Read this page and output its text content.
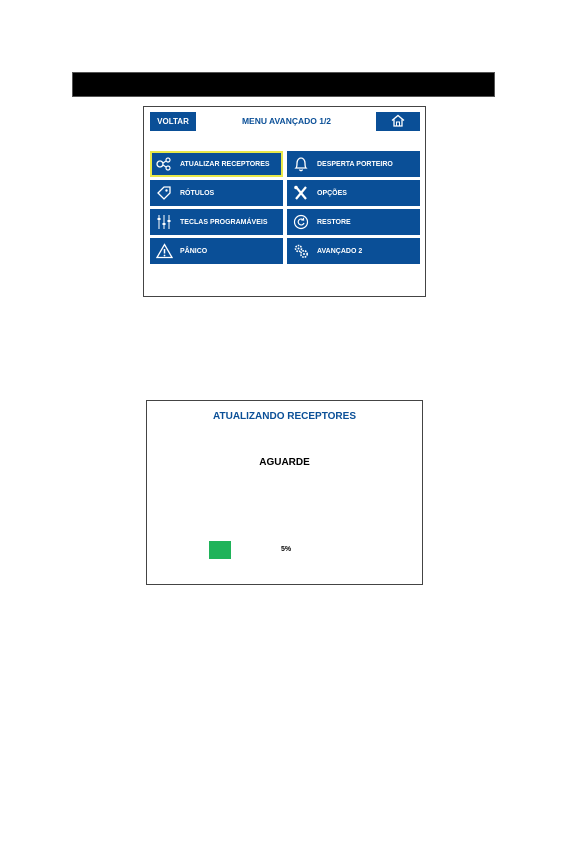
VOLTAR	MENU AVANÇADO 1/2
ATUALIZAR RECEPTORES	DESPERTA PORTEIRO
RÓTULOS	OPÇÕES
TECLAS PROGRAMÁVEIS	RESTORE
PÂNICO	AVANÇADO 2
ATUALIZANDO RECEPTORES
AGUARDE
5%
